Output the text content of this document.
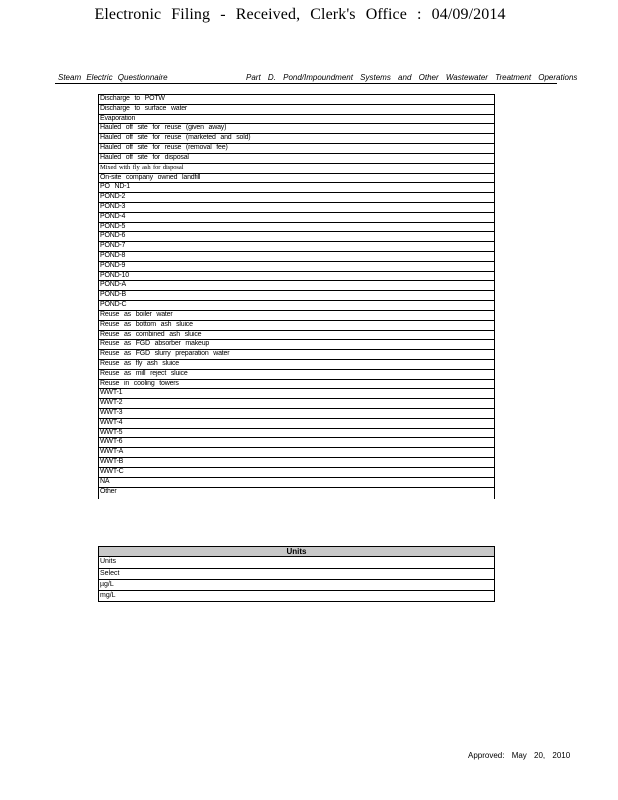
Electronic Filing - Received, Clerk's Office : 04/09/2014
Steam Electric Questionnaire	Part D. Pond/Impoundment Systems and Other Wastewater Treatment Operations
Discharge to POTW
Discharge to surface water
Evaporation
Hauled off site for reuse (given away)
Hauled off site for reuse (marketed and sold)
Hauled off site for reuse (removal fee)
Hauled off site for disposal
Mixed with fly ash for disposal
On-site company owned landfill
PO ND-1
POND-2
POND-3
POND-4
POND-5
POND-6
POND-7
POND-8
POND-9
POND-10
POND-A
POND-B
POND-C
Reuse as boiler water
Reuse as bottom ash sluice
Reuse as combined ash sluice
Reuse as FGD absorber makeup
Reuse as FGD slurry preparation water
Reuse as fly ash sluice
Reuse as mill reject sluice
Reuse in cooling towers
WWT-1
WWT-2
WWT-3
WWT-4
WWT-5
WWT-6
WWT-A
WWT-B
WWT-C
NA
Other
Units
Units
Select
µg/L
mg/L
Approved: May 20, 2010
